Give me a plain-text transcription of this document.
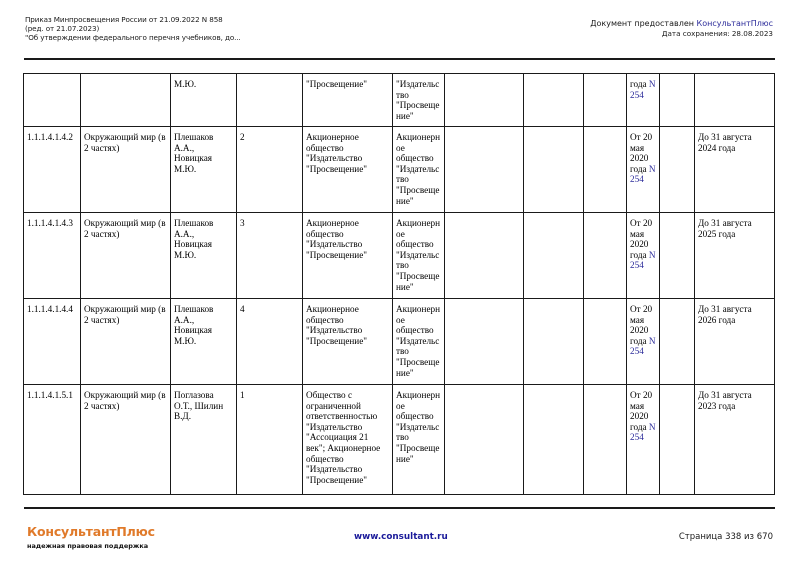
Приказ Минпросвещения России от 21.09.2022 N 858
(ред. от 21.07.2023)
"Об утверждении федерального перечня учебников, до...
Документ предоставлен КонсультантПлюс
Дата сохранения: 28.08.2023
		М.Ю.		"Просвещение"	"Издательс тво "Просвеще ние"				года N 254		
1.1.1.4.1.4.2	Окружающий мир (в 2 частях)	Плешаков А.А., Новицкая М.Ю.	2	Акционерное общество "Издательство "Просвещение"	Акционерн ое общество "Издательс тво "Просвеще ние"				От 20 мая 2020 года N 254		До 31 августа 2024 года
1.1.1.4.1.4.3	Окружающий мир (в 2 частях)	Плешаков А.А., Новицкая М.Ю.	3	Акционерное общество "Издательство "Просвещение"	Акционерн ое общество "Издательс тво "Просвеще ние"				От 20 мая 2020 года N 254		До 31 августа 2025 года
1.1.1.4.1.4.4	Окружающий мир (в 2 частях)	Плешаков А.А., Новицкая М.Ю.	4	Акционерное общество "Издательство "Просвещение"	Акционерн ое общество "Издательс тво "Просвеще ние"				От 20 мая 2020 года N 254		До 31 августа 2026 года
1.1.1.4.1.5.1	Окружающий мир (в 2 частях)	Поглазова О.Т., Шилин В.Д.	1	Общество с ограниченной ответственностью "Издательство "Ассоциация 21 век"; Акционерное общество "Издательство "Просвещение"	Акционерн ое общество "Издательс тво "Просвеще ние"				От 20 мая 2020 года N 254		До 31 августа 2023 года
КонсультантПлюс
надежная правовая поддержка
www.consultant.ru	Страница 338 из 670
